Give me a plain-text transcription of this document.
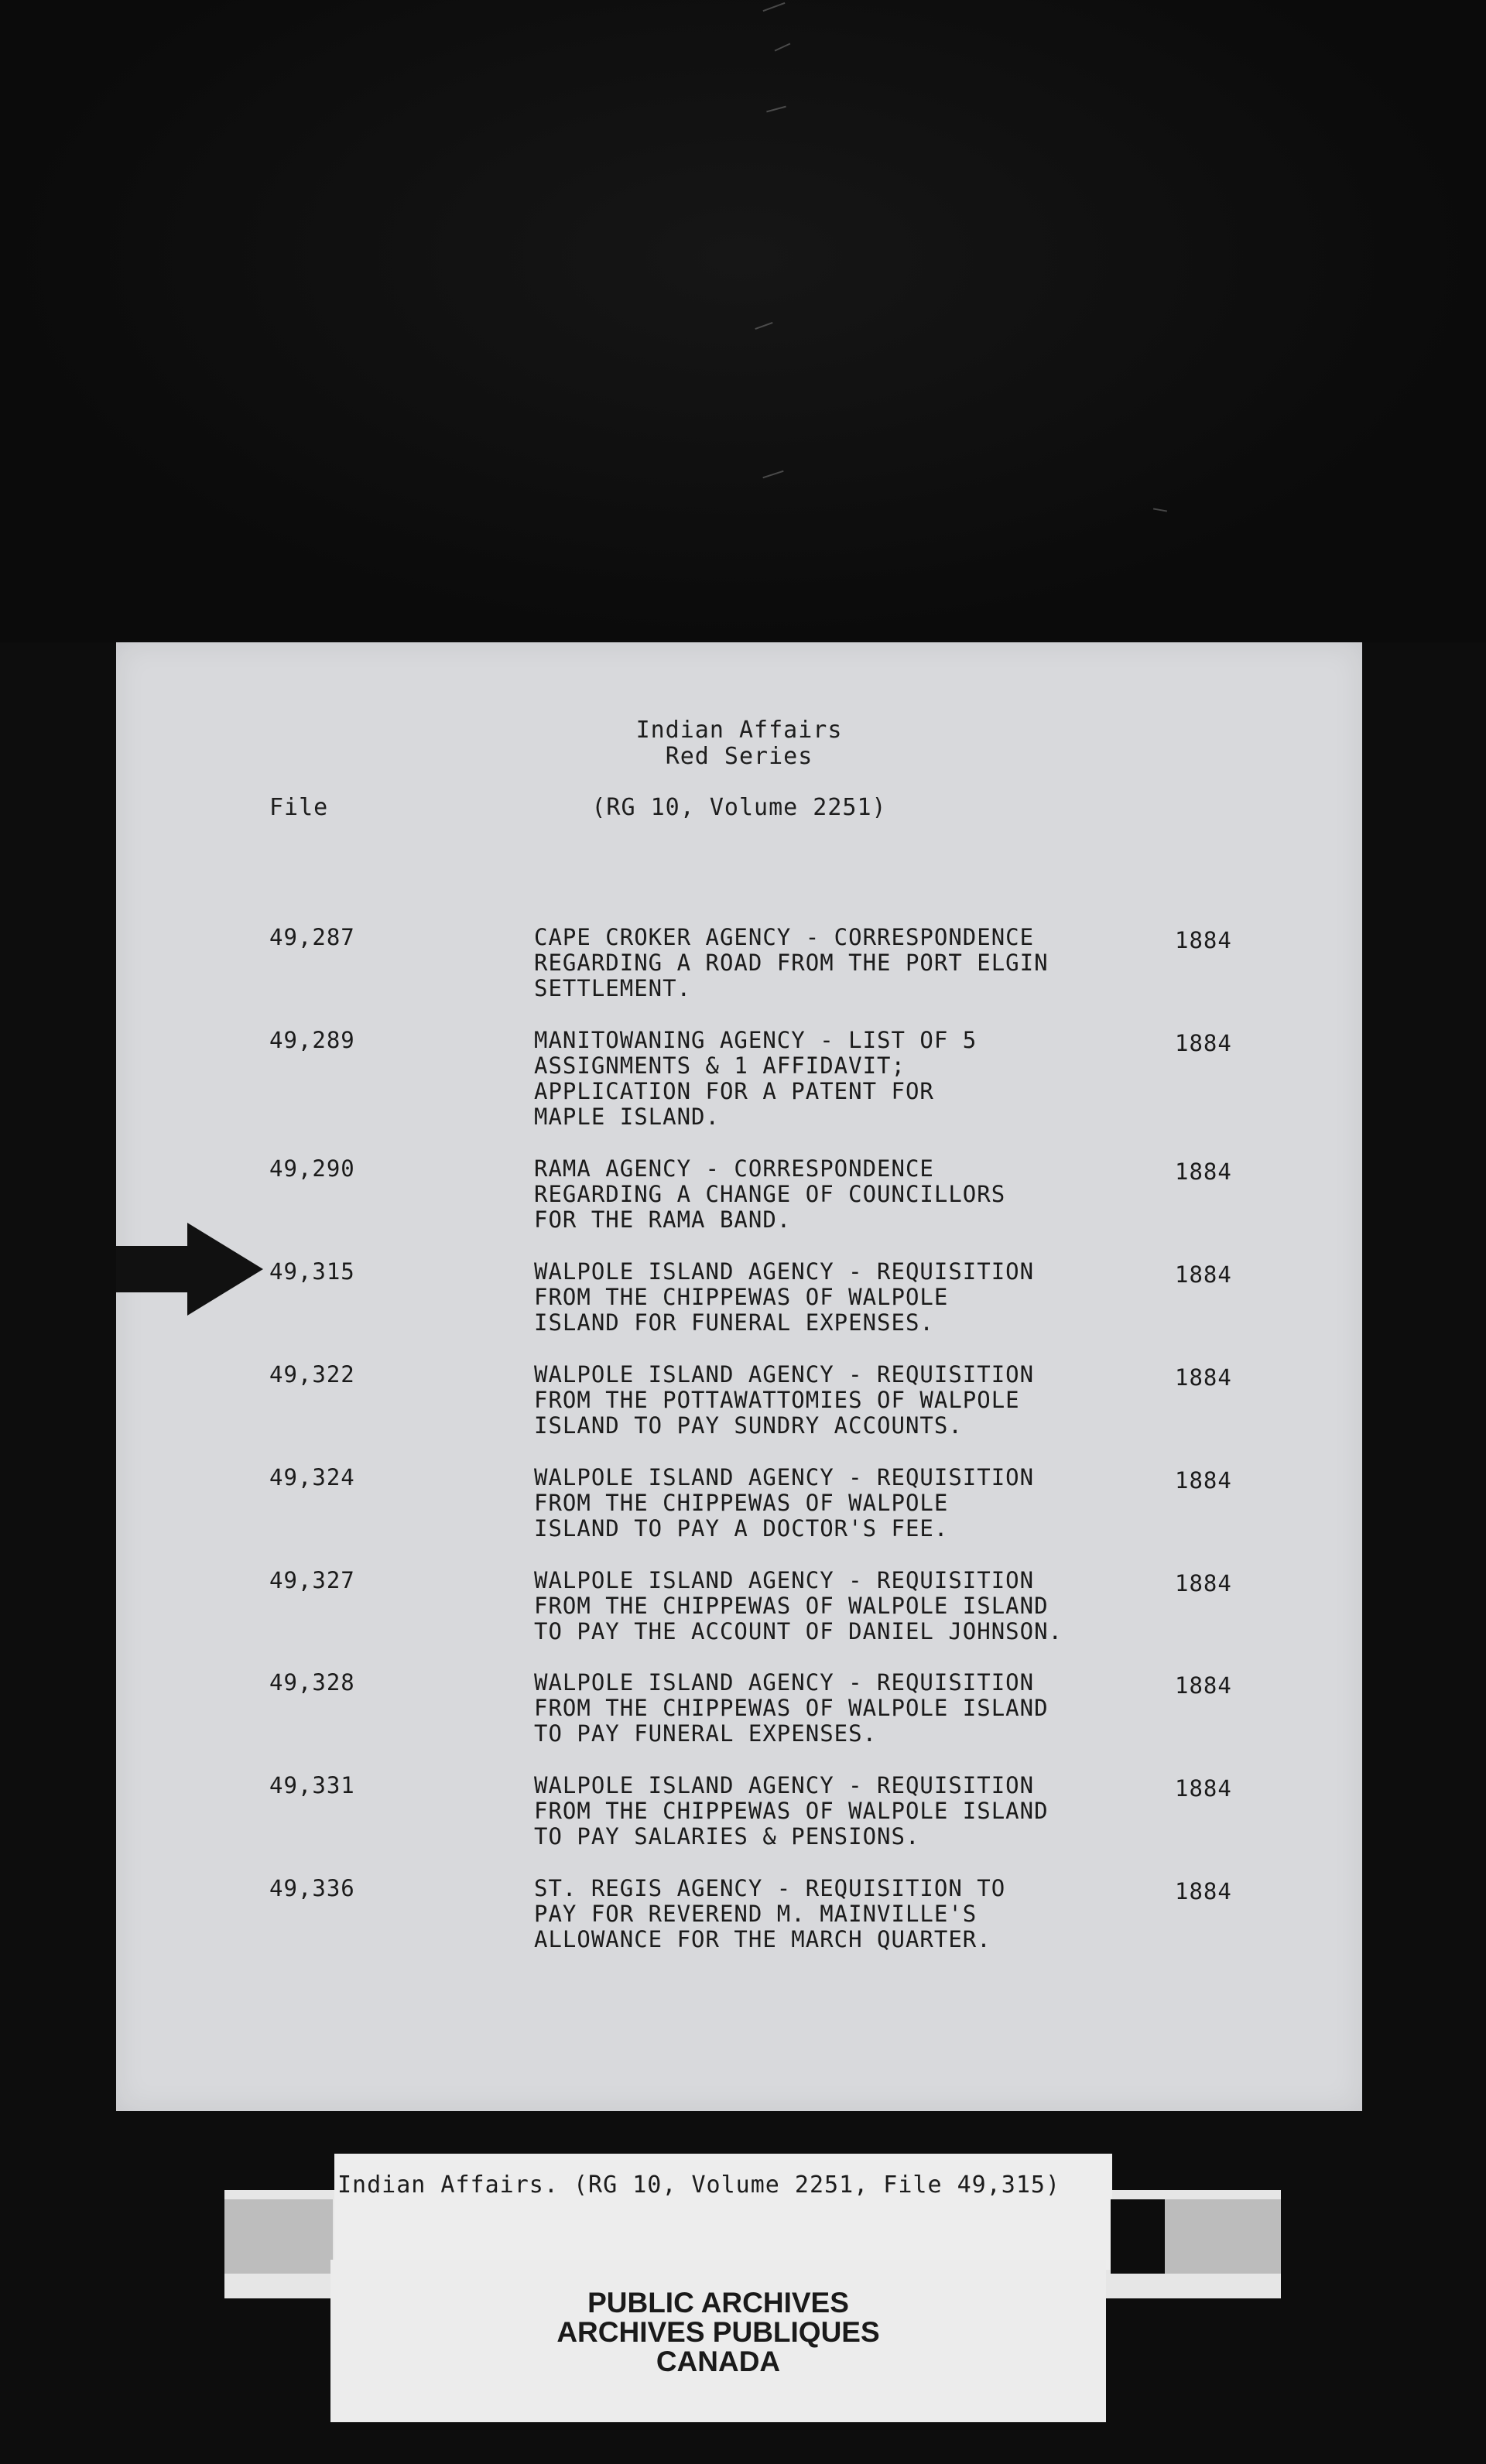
Indian Affairs
Red Series
File	(RG 10, Volume 2251)
49,287	CAPE CROKER AGENCY - CORRESPONDENCE
REGARDING A ROAD FROM THE PORT ELGIN
SETTLEMENT.
1884
49,289	MANITOWANING AGENCY - LIST OF 5
ASSIGNMENTS & 1 AFFIDAVIT;
APPLICATION FOR A PATENT FOR
MAPLE ISLAND.
1884
49,290	RAMA AGENCY - CORRESPONDENCE
REGARDING A CHANGE OF COUNCILLORS
FOR THE RAMA BAND.
1884
49,315	WALPOLE ISLAND AGENCY - REQUISITION
FROM THE CHIPPEWAS OF WALPOLE
ISLAND FOR FUNERAL EXPENSES.
1884
49,322	WALPOLE ISLAND AGENCY - REQUISITION
FROM THE POTTAWATTOMIES OF WALPOLE
ISLAND TO PAY SUNDRY ACCOUNTS.
1884
49,324	WALPOLE ISLAND AGENCY - REQUISITION
FROM THE CHIPPEWAS OF WALPOLE
ISLAND TO PAY A DOCTOR'S FEE.
1884
49,327	WALPOLE ISLAND AGENCY - REQUISITION
FROM THE CHIPPEWAS OF WALPOLE ISLAND
TO PAY THE ACCOUNT OF DANIEL JOHNSON.
1884
49,328	WALPOLE ISLAND AGENCY - REQUISITION
FROM THE CHIPPEWAS OF WALPOLE ISLAND
TO PAY FUNERAL EXPENSES.
1884
49,331	WALPOLE ISLAND AGENCY - REQUISITION
FROM THE CHIPPEWAS OF WALPOLE ISLAND
TO PAY SALARIES & PENSIONS.
1884
49,336	ST. REGIS AGENCY - REQUISITION TO
PAY FOR REVEREND M. MAINVILLE'S
ALLOWANCE FOR THE MARCH QUARTER.
1884
Indian Affairs. (RG 10, Volume 2251, File 49,315)
PUBLIC ARCHIVES
ARCHIVES PUBLIQUES
CANADA
